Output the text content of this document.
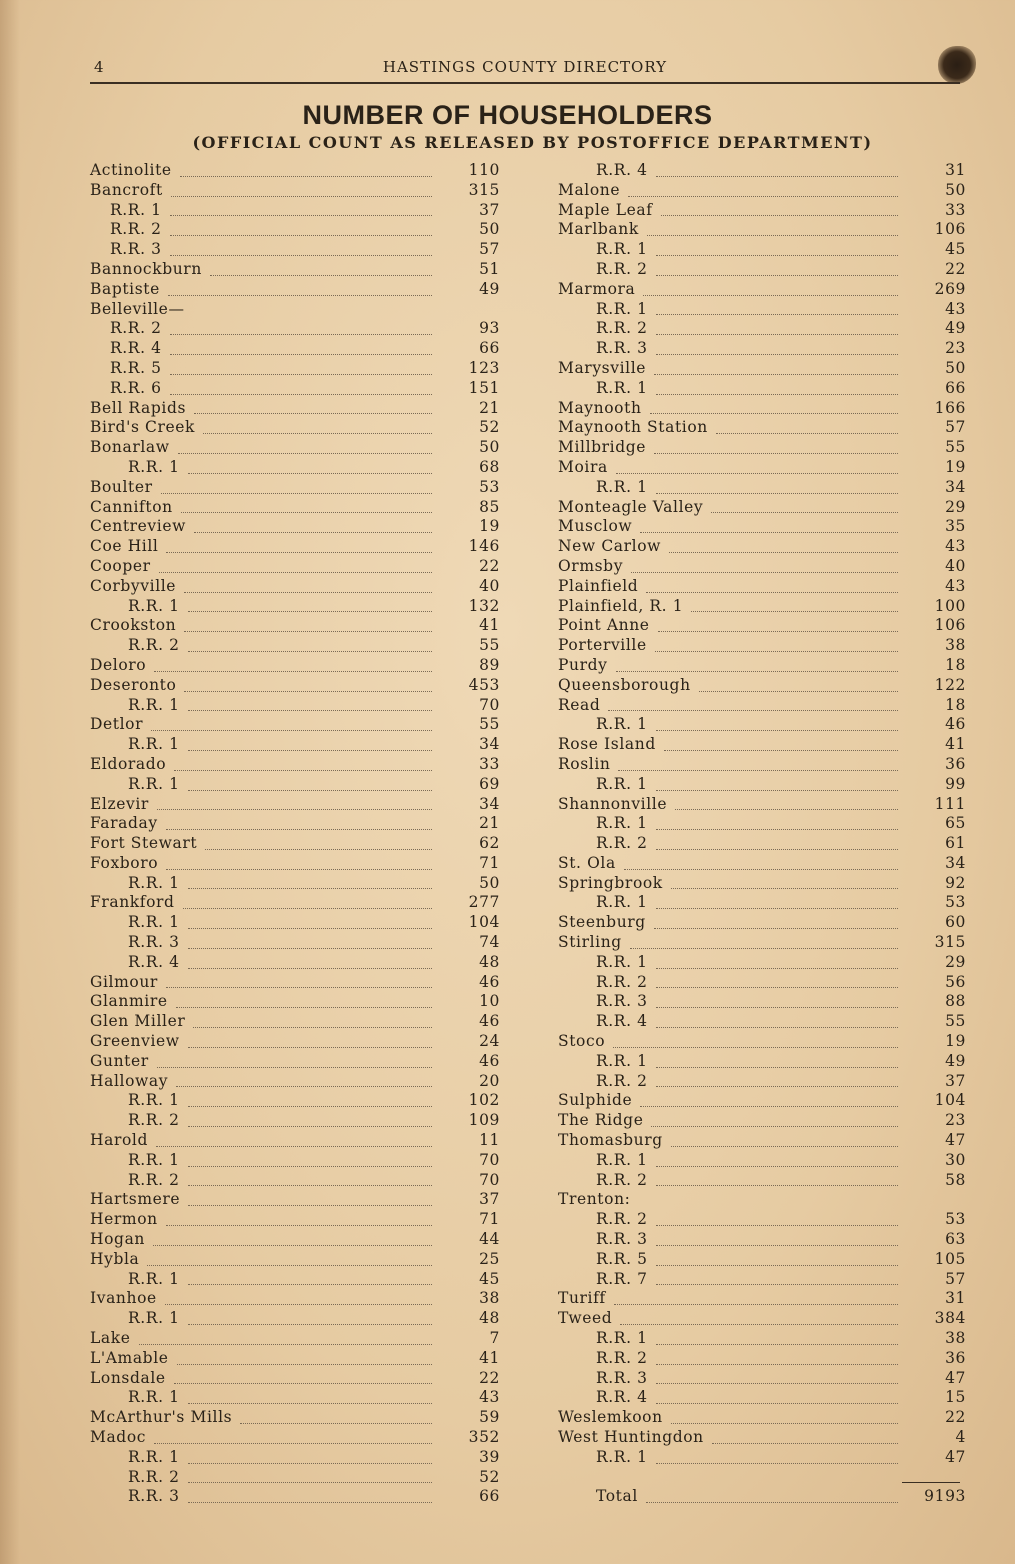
4	HASTINGS COUNTY DIRECTORY
NUMBER OF HOUSEHOLDERS
(OFFICIAL COUNT AS RELEASED BY POSTOFFICE DEPARTMENT)
Actinolite	110
Bancroft	315
R.R. 1	37
R.R. 2	50
R.R. 3	57
Bannockburn	51
Baptiste	49
Belleville—
R.R. 2	93
R.R. 4	66
R.R. 5	123
R.R. 6	151
Bell Rapids	21
Bird's Creek	52
Bonarlaw	50
R.R. 1	68
Boulter	53
Cannifton	85
Centreview	19
Coe Hill	146
Cooper	22
Corbyville	40
R.R. 1	132
Crookston	41
R.R. 2	55
Deloro	89
Deseronto	453
R.R. 1	70
Detlor	55
R.R. 1	34
Eldorado	33
R.R. 1	69
Elzevir	34
Faraday	21
Fort Stewart	62
Foxboro	71
R.R. 1	50
Frankford	277
R.R. 1	104
R.R. 3	74
R.R. 4	48
Gilmour	46
Glanmire	10
Glen Miller	46
Greenview	24
Gunter	46
Halloway	20
R.R. 1	102
R.R. 2	109
Harold	11
R.R. 1	70
R.R. 2	70
Hartsmere	37
Hermon	71
Hogan	44
Hybla	25
R.R. 1	45
Ivanhoe	38
R.R. 1	48
Lake	7
L'Amable	41
Lonsdale	22
R.R. 1	43
McArthur's Mills	59
Madoc	352
R.R. 1	39
R.R. 2	52
R.R. 3	66
R.R. 4	31
Malone	50
Maple Leaf	33
Marlbank	106
R.R. 1	45
R.R. 2	22
Marmora	269
R.R. 1	43
R.R. 2	49
R.R. 3	23
Marysville	50
R.R. 1	66
Maynooth	166
Maynooth Station	57
Millbridge	55
Moira	19
R.R. 1	34
Monteagle Valley	29
Musclow	35
New Carlow	43
Ormsby	40
Plainfield	43
Plainfield, R. 1	100
Point Anne	106
Porterville	38
Purdy	18
Queensborough	122
Read	18
R.R. 1	46
Rose Island	41
Roslin	36
R.R. 1	99
Shannonville	111
R.R. 1	65
R.R. 2	61
St. Ola	34
Springbrook	92
R.R. 1	53
Steenburg	60
Stirling	315
R.R. 1	29
R.R. 2	56
R.R. 3	88
R.R. 4	55
Stoco	19
R.R. 1	49
R.R. 2	37
Sulphide	104
The Ridge	23
Thomasburg	47
R.R. 1	30
R.R. 2	58
Trenton:
R.R. 2	53
R.R. 3	63
R.R. 5	105
R.R. 7	57
Turiff	31
Tweed	384
R.R. 1	38
R.R. 2	36
R.R. 3	47
R.R. 4	15
Weslemkoon	22
West Huntingdon	4
R.R. 1	47
Total	9193
